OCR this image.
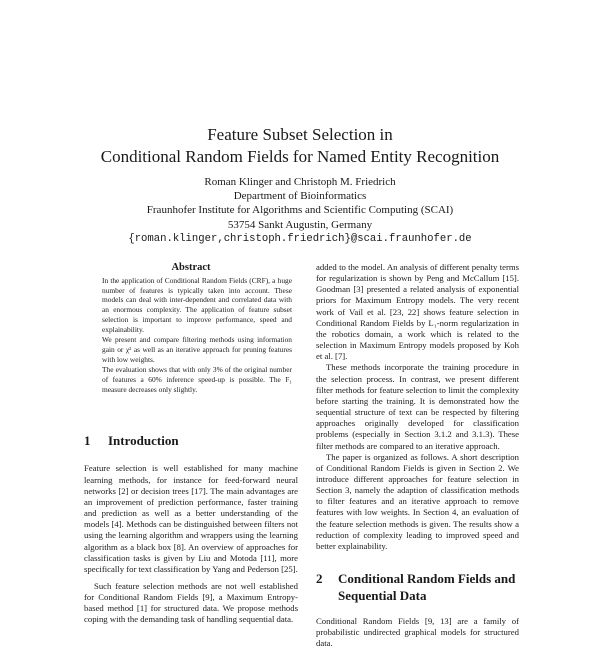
Feature Subset Selection in
Conditional Random Fields for Named Entity Recognition
Roman Klinger and Christoph M. Friedrich
Department of Bioinformatics
Fraunhofer Institute for Algorithms and Scientific Computing (SCAI)
53754 Sankt Augustin, Germany
{roman.klinger,christoph.friedrich}@scai.fraunhofer.de
Abstract

In the application of Conditional Random Fields (CRF), a huge number of features is typically taken into account. These models can deal with inter-dependent and correlated data with an enormous complexity. The application of feature subset selection is important to improve performance, speed and explainability.

We present and compare filtering methods using information gain or χ² as well as an iterative approach for pruning features with low weights.

The evaluation shows that with only 3% of the original number of features a 60% inference speed-up is possible. The F₁ measure decreases only slightly.

1 Introduction

Feature selection is well established for many machine learning methods, for instance for feed-forward neural networks [2] or decision trees [17]. The main advantages are an improvement of prediction performance, faster training and prediction as well as a better understanding of the models [4]. Methods can be distinguished between filters not using the learning algorithm and wrappers using the learning algorithm as a black box [8]. An overview of approaches for classification tasks is given by Liu and Motoda [11], more specifically for text classification by Yang and Pederson [25].

Such feature selection methods are not well established for Conditional Random Fields [9], a Maximum Entropy-based method [1] for structured data. We propose methods coping with the demanding task of handling sequential data.

added to the model. An analysis of different penalty terms for regularization is shown by Peng and McCallum [15]. Goodman [3] presented a related analysis of exponential priors for Maximum Entropy models. The very recent work of Vail et al. [23, 22] shows feature selection in Conditional Random Fields by L₁-norm regularization in the robotics domain, a work which is related to the selection in Maximum Entropy models proposed by Koh et al. [7].

These methods incorporate the training procedure in the selection process. In contrast, we present different filter methods for feature selection to limit the complexity before starting the training. It is demonstrated how the sequential structure of text can be respected by filtering approaches originally developed for classification problems (especially in Section 3.1.2 and 3.1.3). These filter methods are compared to an iterative approach.

The paper is organized as follows. A short description of Conditional Random Fields is given in Section 2. We introduce different approaches for feature selection in Section 3, namely the adaption of classification methods to filter features and an iterative approach to remove features with low weights. In Section 4, an evaluation of the feature selection methods is given. The results show a reduction of complexity leading to improved speed and better explainability.

2 Conditional Random Fields and
Sequential Data

Conditional Random Fields [9, 13] are a family of probabilistic undirected graphical models for structured data.
